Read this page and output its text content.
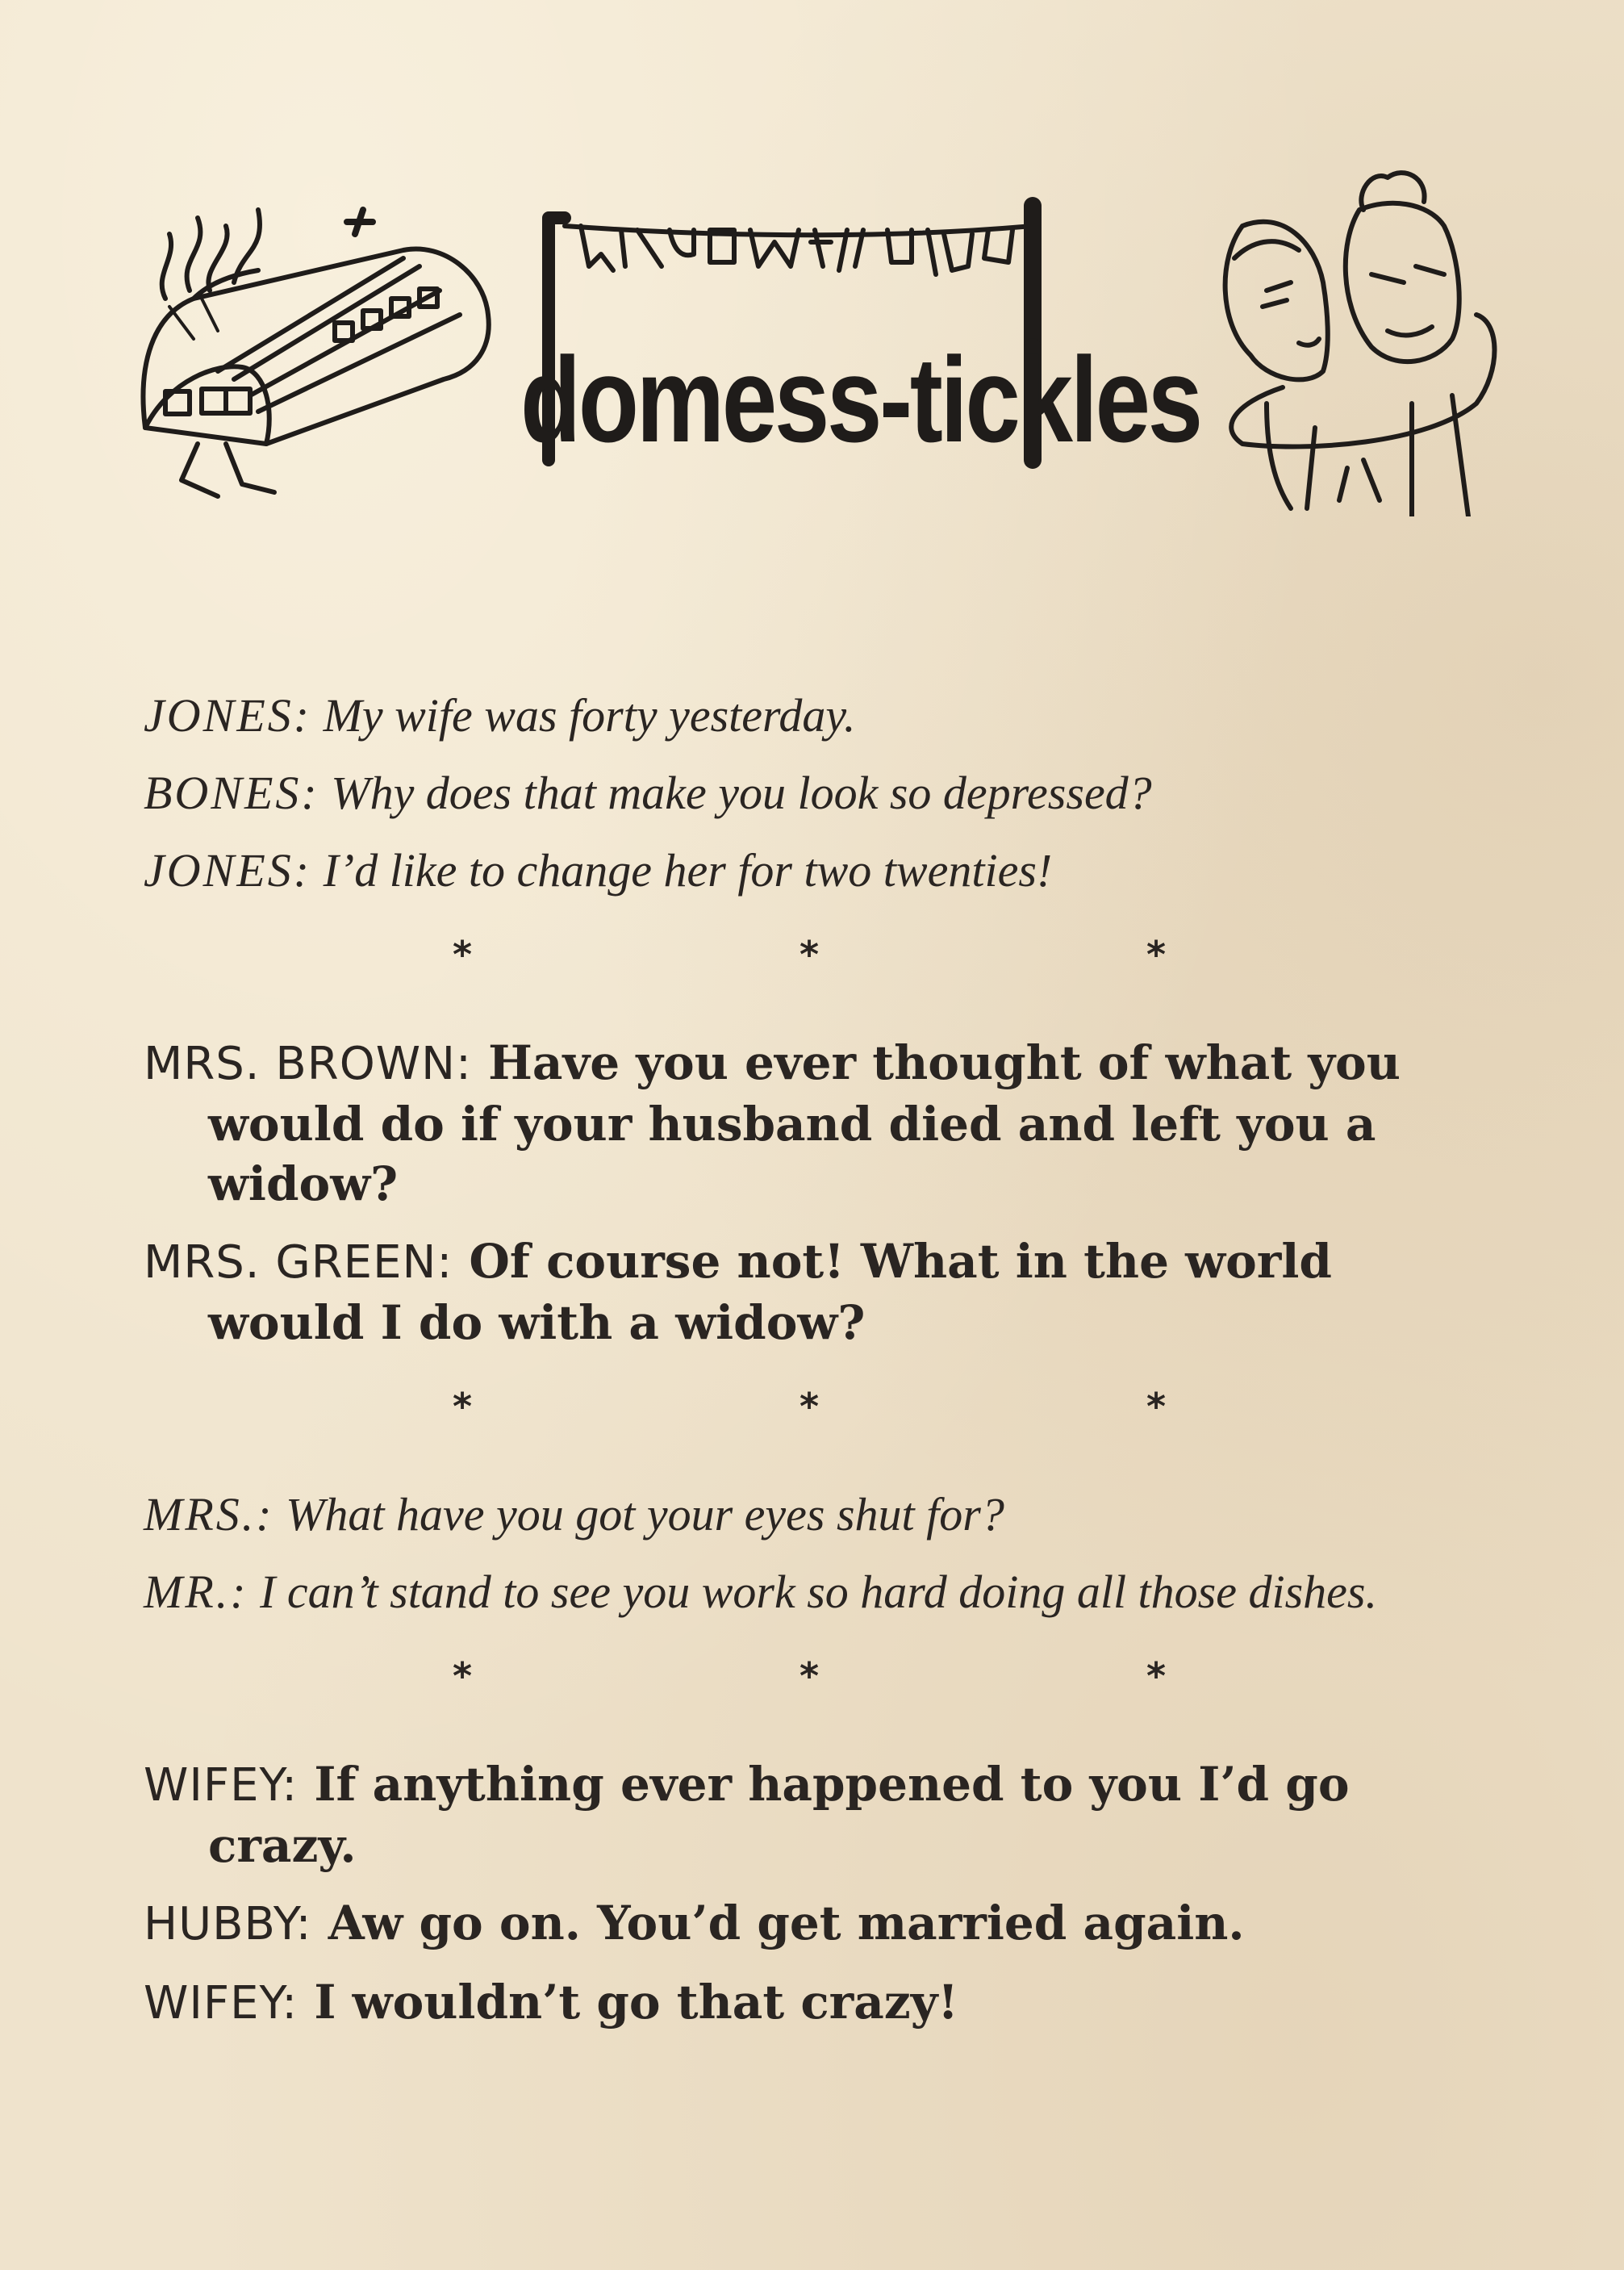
domess-tickles

JONES: My wife was forty yesterday.

BONES: Why does that make you look so depressed?

JONES: I’d like to change her for two twenties!

*	*	*

MRS. BROWN: Have you ever thought of what you would do if your husband died and left you a widow?

MRS. GREEN: Of course not! What in the world would I do with a widow?

*	*	*

MRS.: What have you got your eyes shut for?

MR.: I can’t stand to see you work so hard doing all those dishes.

*	*	*

WIFEY: If anything ever happened to you I’d go crazy.

HUBBY: Aw go on. You’d get married again.

WIFEY: I wouldn’t go that crazy!
